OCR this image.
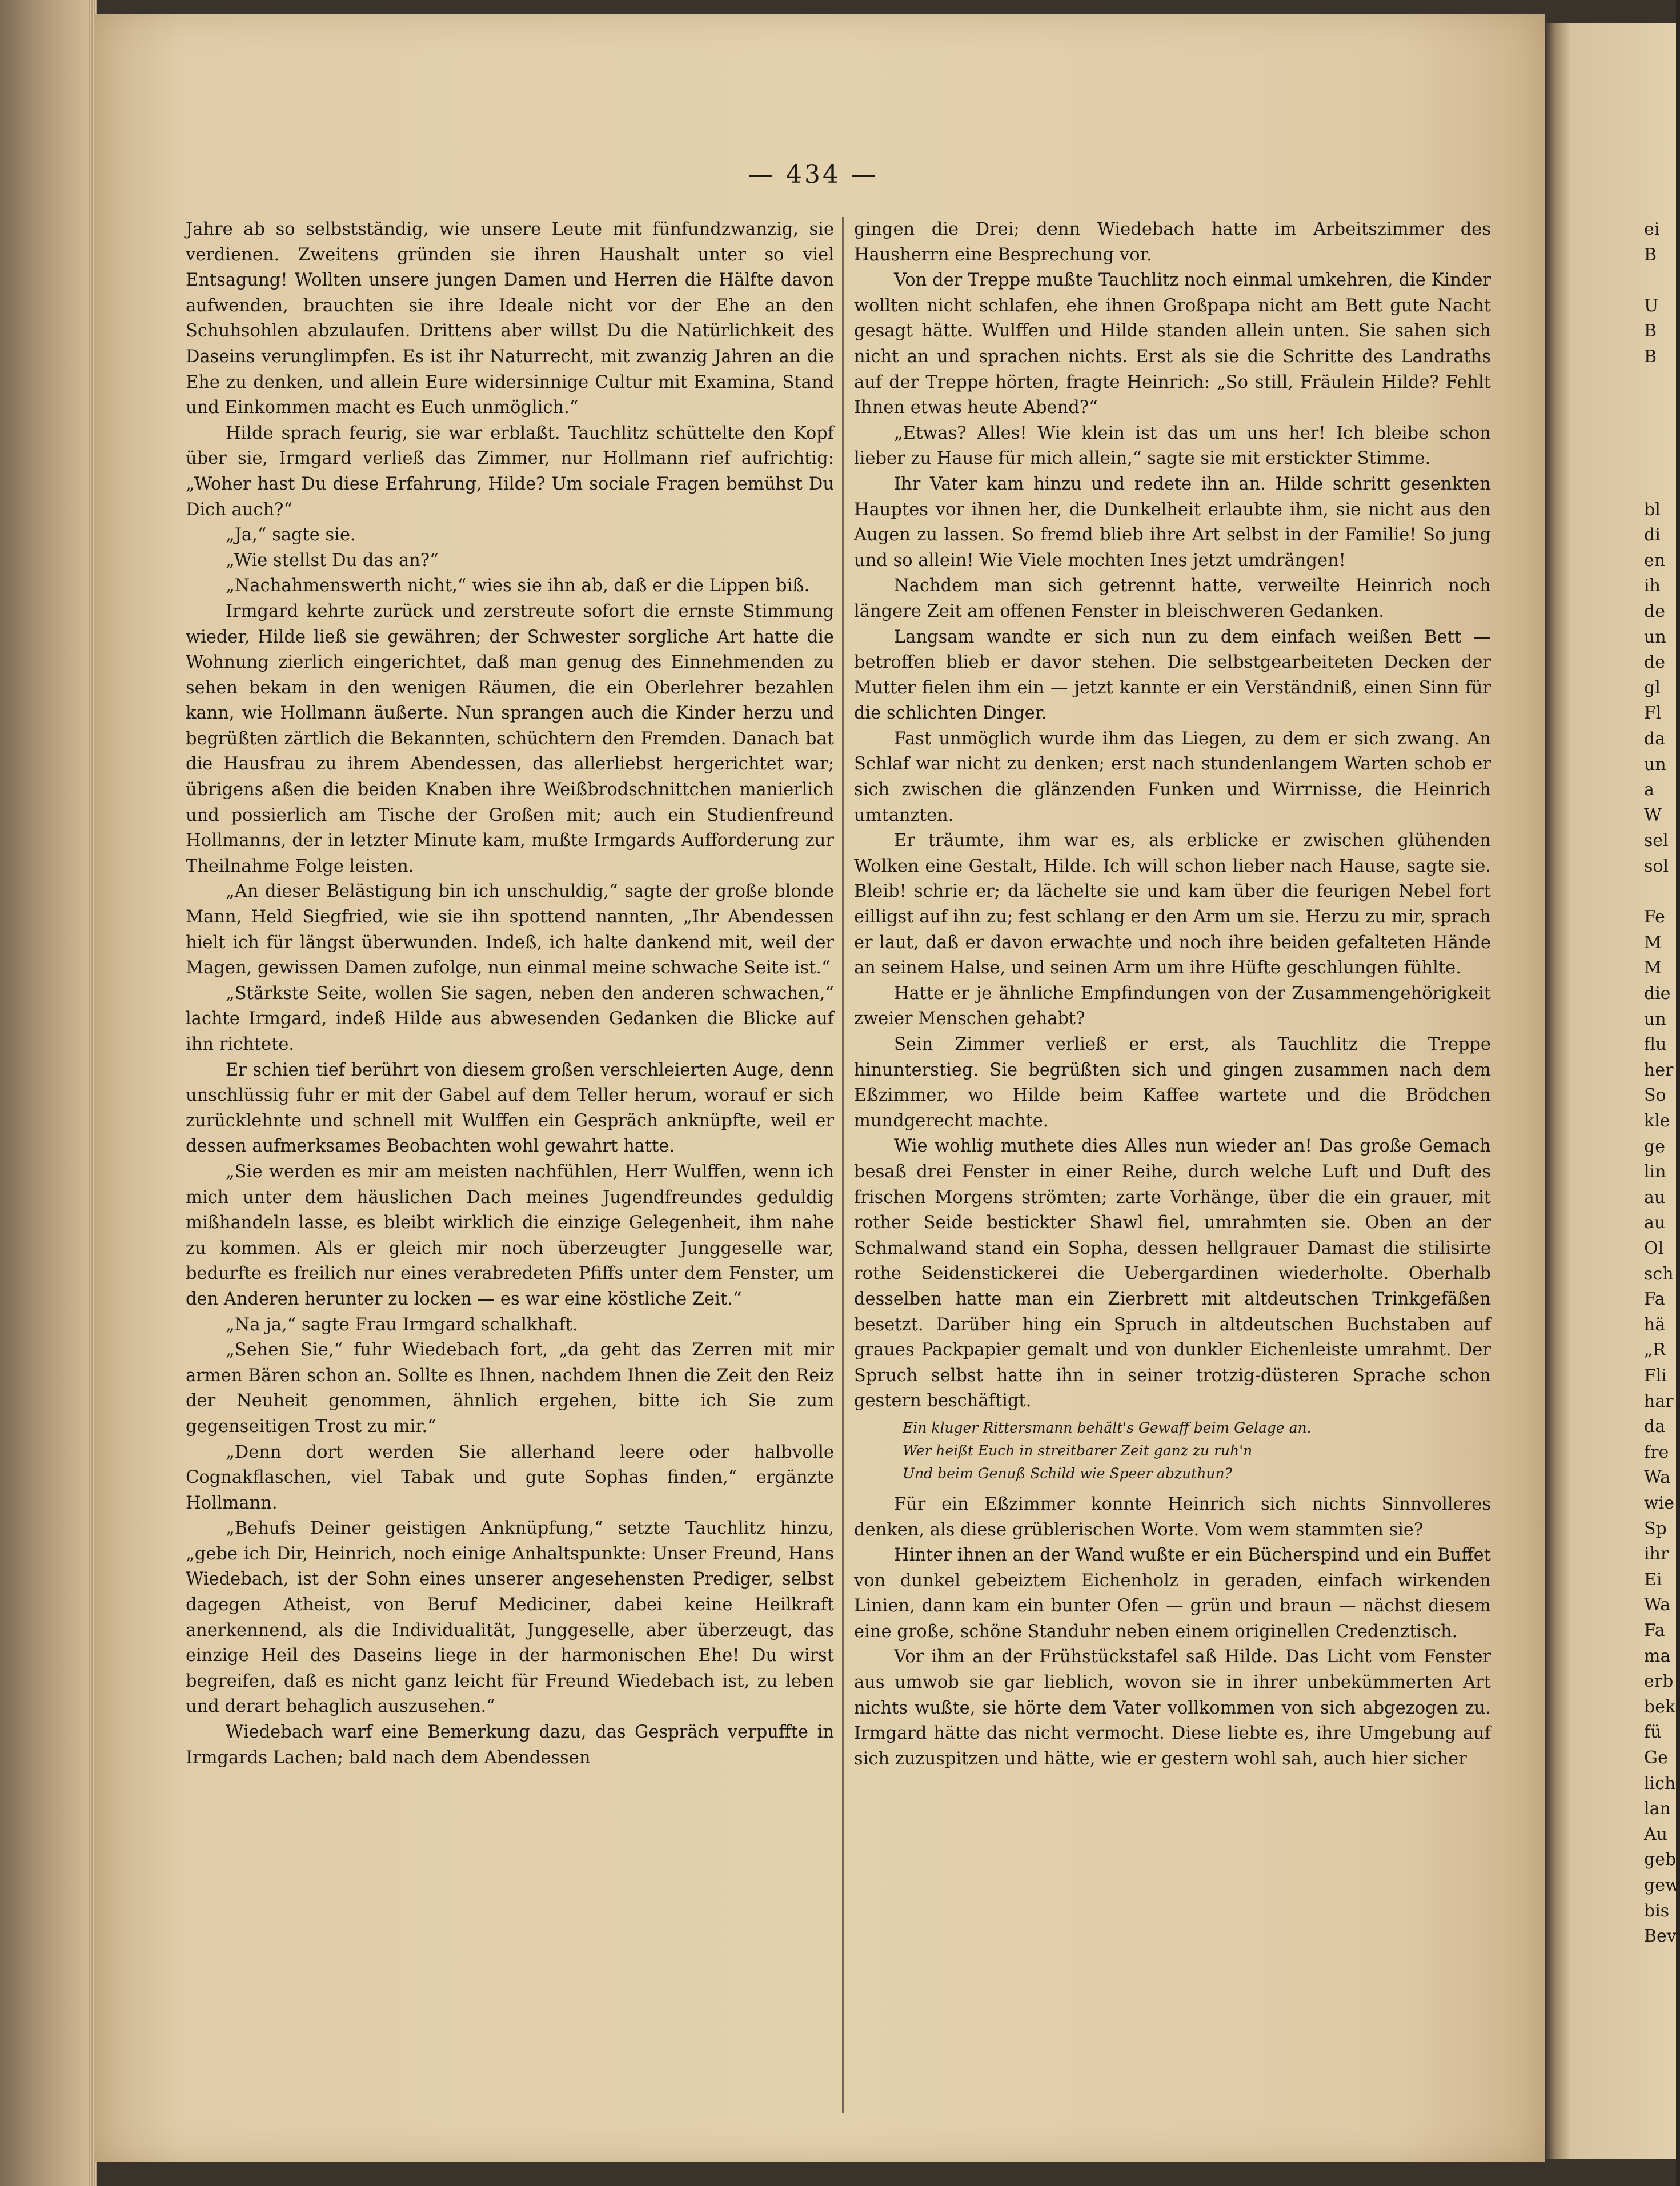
— 434 —

Jahre ab so selbstständig, wie unsere Leute mit fünfundzwanzig, sie verdienen. Zweitens gründen sie ihren Haushalt unter so viel Entsagung! Wollten unsere jungen Damen und Herren die Hälfte davon aufwenden, brauchten sie ihre Ideale nicht vor der Ehe an den Schuhsohlen abzulaufen. Drittens aber willst Du die Natürlichkeit des Daseins verunglimpfen. Es ist ihr Naturrecht, mit zwanzig Jahren an die Ehe zu denken, und allein Eure widersinnige Cultur mit Examina, Stand und Einkommen macht es Euch unmöglich.“

Hilde sprach feurig, sie war erblaßt. Tauchlitz schüttelte den Kopf über sie, Irmgard verließ das Zimmer, nur Hollmann rief aufrichtig: „Woher hast Du diese Erfahrung, Hilde? Um sociale Fragen bemühst Du Dich auch?“

„Ja,“ sagte sie.

„Wie stellst Du das an?“

„Nachahmenswerth nicht,“ wies sie ihn ab, daß er die Lippen biß.

Irmgard kehrte zurück und zerstreute sofort die ernste Stimmung wieder, Hilde ließ sie gewähren; der Schwester sorgliche Art hatte die Wohnung zierlich eingerichtet, daß man genug des Einnehmenden zu sehen bekam in den wenigen Räumen, die ein Oberlehrer bezahlen kann, wie Hollmann äußerte. Nun sprangen auch die Kinder herzu und begrüßten zärtlich die Bekannten, schüchtern den Fremden. Danach bat die Hausfrau zu ihrem Abendessen, das allerliebst hergerichtet war; übrigens aßen die beiden Knaben ihre Weißbrodschnittchen manierlich und possierlich am Tische der Großen mit; auch ein Studienfreund Hollmanns, der in letzter Minute kam, mußte Irmgards Aufforderung zur Theilnahme Folge leisten.

„An dieser Belästigung bin ich unschuldig,“ sagte der große blonde Mann, Held Siegfried, wie sie ihn spottend nannten, „Ihr Abendessen hielt ich für längst überwunden. Indeß, ich halte dankend mit, weil der Magen, gewissen Damen zufolge, nun einmal meine schwache Seite ist.“

„Stärkste Seite, wollen Sie sagen, neben den anderen schwachen,“ lachte Irmgard, indeß Hilde aus abwesenden Gedanken die Blicke auf ihn richtete.

Er schien tief berührt von diesem großen verschleierten Auge, denn unschlüssig fuhr er mit der Gabel auf dem Teller herum, worauf er sich zurücklehnte und schnell mit Wulffen ein Gespräch anknüpfte, weil er dessen aufmerksames Beobachten wohl gewahrt hatte.

„Sie werden es mir am meisten nachfühlen, Herr Wulffen, wenn ich mich unter dem häuslichen Dach meines Jugendfreundes geduldig mißhandeln lasse, es bleibt wirklich die einzige Gelegenheit, ihm nahe zu kommen. Als er gleich mir noch überzeugter Junggeselle war, bedurfte es freilich nur eines verabredeten Pfiffs unter dem Fenster, um den Anderen herunter zu locken — es war eine köstliche Zeit.“

„Na ja,“ sagte Frau Irmgard schalkhaft.

„Sehen Sie,“ fuhr Wiedebach fort, „da geht das Zerren mit mir armen Bären schon an. Sollte es Ihnen, nachdem Ihnen die Zeit den Reiz der Neuheit genommen, ähnlich ergehen, bitte ich Sie zum gegenseitigen Trost zu mir.“

„Denn dort werden Sie allerhand leere oder halbvolle Cognakflaschen, viel Tabak und gute Sophas finden,“ ergänzte Hollmann.

„Behufs Deiner geistigen Anknüpfung,“ setzte Tauchlitz hinzu, „gebe ich Dir, Heinrich, noch einige Anhaltspunkte: Unser Freund, Hans Wiedebach, ist der Sohn eines unserer angesehensten Prediger, selbst dagegen Atheist, von Beruf Mediciner, dabei keine Heilkraft anerkennend, als die Individualität, Junggeselle, aber überzeugt, das einzige Heil des Daseins liege in der harmonischen Ehe! Du wirst begreifen, daß es nicht ganz leicht für Freund Wiedebach ist, zu leben und derart behaglich auszusehen.“

Wiedebach warf eine Bemerkung dazu, das Gespräch verpuffte in Irmgards Lachen; bald nach dem Abendessen

gingen die Drei; denn Wiedebach hatte im Arbeitszimmer des Hausherrn eine Besprechung vor.

Von der Treppe mußte Tauchlitz noch einmal umkehren, die Kinder wollten nicht schlafen, ehe ihnen Großpapa nicht am Bett gute Nacht gesagt hätte. Wulffen und Hilde standen allein unten. Sie sahen sich nicht an und sprachen nichts. Erst als sie die Schritte des Landraths auf der Treppe hörten, fragte Heinrich: „So still, Fräulein Hilde? Fehlt Ihnen etwas heute Abend?“

„Etwas? Alles! Wie klein ist das um uns her! Ich bleibe schon lieber zu Hause für mich allein,“ sagte sie mit erstickter Stimme.

Ihr Vater kam hinzu und redete ihn an. Hilde schritt gesenkten Hauptes vor ihnen her, die Dunkelheit erlaubte ihm, sie nicht aus den Augen zu lassen. So fremd blieb ihre Art selbst in der Familie! So jung und so allein! Wie Viele mochten Ines jetzt umdrängen!

Nachdem man sich getrennt hatte, verweilte Heinrich noch längere Zeit am offenen Fenster in bleischweren Gedanken.

Langsam wandte er sich nun zu dem einfach weißen Bett — betroffen blieb er davor stehen. Die selbstgearbeiteten Decken der Mutter fielen ihm ein — jetzt kannte er ein Verständniß, einen Sinn für die schlichten Dinger.

Fast unmöglich wurde ihm das Liegen, zu dem er sich zwang. An Schlaf war nicht zu denken; erst nach stundenlangem Warten schob er sich zwischen die glänzenden Funken und Wirrnisse, die Heinrich umtanzten.

Er träumte, ihm war es, als erblicke er zwischen glühenden Wolken eine Gestalt, Hilde. Ich will schon lieber nach Hause, sagte sie. Bleib! schrie er; da lächelte sie und kam über die feurigen Nebel fort eilligst auf ihn zu; fest schlang er den Arm um sie. Herzu zu mir, sprach er laut, daß er davon erwachte und noch ihre beiden gefalteten Hände an seinem Halse, und seinen Arm um ihre Hüfte geschlungen fühlte.

Hatte er je ähnliche Empfindungen von der Zusammengehörigkeit zweier Menschen gehabt?

Sein Zimmer verließ er erst, als Tauchlitz die Treppe hinunterstieg. Sie begrüßten sich und gingen zusammen nach dem Eßzimmer, wo Hilde beim Kaffee wartete und die Brödchen mundgerecht machte.

Wie wohlig muthete dies Alles nun wieder an! Das große Gemach besaß drei Fenster in einer Reihe, durch welche Luft und Duft des frischen Morgens strömten; zarte Vorhänge, über die ein grauer, mit rother Seide bestickter Shawl fiel, umrahmten sie. Oben an der Schmalwand stand ein Sopha, dessen hellgrauer Damast die stilisirte rothe Seidenstickerei die Uebergardinen wiederholte. Oberhalb desselben hatte man ein Zierbrett mit altdeutschen Trinkgefäßen besetzt. Darüber hing ein Spruch in altdeutschen Buchstaben auf graues Packpapier gemalt und von dunkler Eichenleiste umrahmt. Der Spruch selbst hatte ihn in seiner trotzig-düsteren Sprache schon gestern beschäftigt.

Ein kluger Rittersmann behält's Gewaff beim Gelage an.
Wer heißt Euch in streitbarer Zeit ganz zu ruh'n
Und beim Genuß Schild wie Speer abzuthun?

Für ein Eßzimmer konnte Heinrich sich nichts Sinnvolleres denken, als diese grüblerischen Worte. Vom wem stammten sie?

Hinter ihnen an der Wand wußte er ein Bücherspind und ein Buffet von dunkel gebeiztem Eichenholz in geraden, einfach wirkenden Linien, dann kam ein bunter Ofen — grün und braun — nächst diesem eine große, schöne Standuhr neben einem originellen Credenztisch.

Vor ihm an der Frühstückstafel saß Hilde. Das Licht vom Fenster aus umwob sie gar lieblich, wovon sie in ihrer unbekümmerten Art nichts wußte, sie hörte dem Vater vollkommen von sich abgezogen zu. Irmgard hätte das nicht vermocht. Diese liebte es, ihre Umgebung auf sich zuzuspitzen und hätte, wie er gestern wohl sah, auch hier sicher

ei
B
U
B
B
bl
di
en
ih
de
un
de
gl
Fl
da
un
a
W
sel
sol
Fe
M
M
die
un
flu
her
So
kle
ge
lin
au
au
Ol
sch
Fa
hä
„R
Fli
har
da
fre
Wa
wie
Sp
ihr
Ei
Wa
Fa
ma
erb
bek
fü
Ge
lich
lan
Au
geb
gew
bis
Bev
